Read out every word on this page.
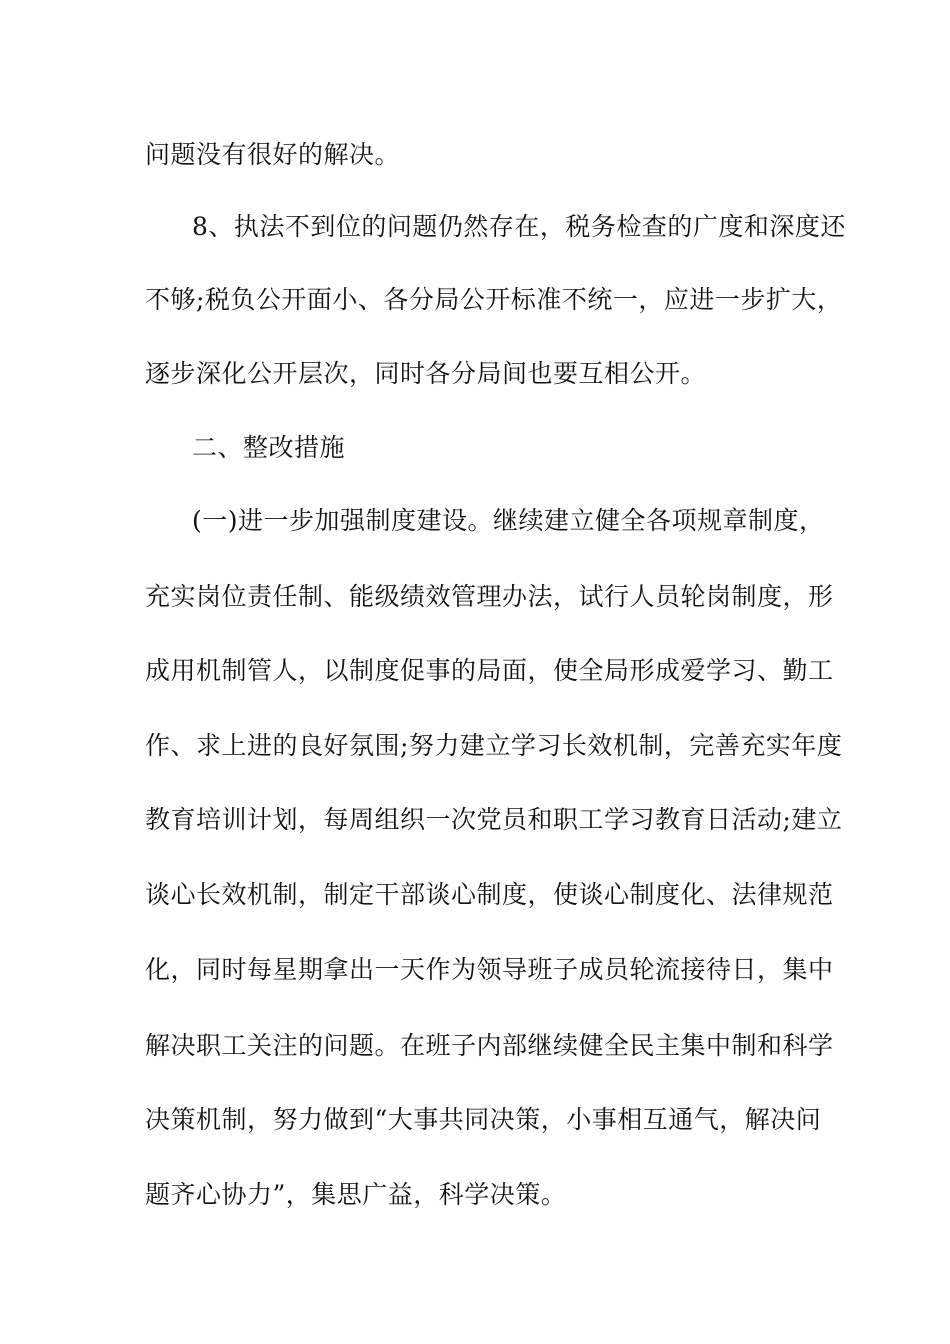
问题没有很好的解决。
8、执法不到位的问题仍然存在，税务检查的广度和深度还
不够;税负公开面小、各分局公开标准不统一，应进一步扩大，
逐步深化公开层次，同时各分局间也要互相公开。
二、整改措施
(一)进一步加强制度建设。继续建立健全各项规章制度，
充实岗位责任制、能级绩效管理办法，试行人员轮岗制度，形
成用机制管人，以制度促事的局面，使全局形成爱学习、勤工
作、求上进的良好氛围;努力建立学习长效机制，完善充实年度
教育培训计划，每周组织一次党员和职工学习教育日活动;建立
谈心长效机制，制定干部谈心制度，使谈心制度化、法律规范
化，同时每星期拿出一天作为领导班子成员轮流接待日，集中
解决职工关注的问题。在班子内部继续健全民主集中制和科学
决策机制，努力做到“大事共同决策，小事相互通气，解决问
题齐心协力”，集思广益，科学决策。
